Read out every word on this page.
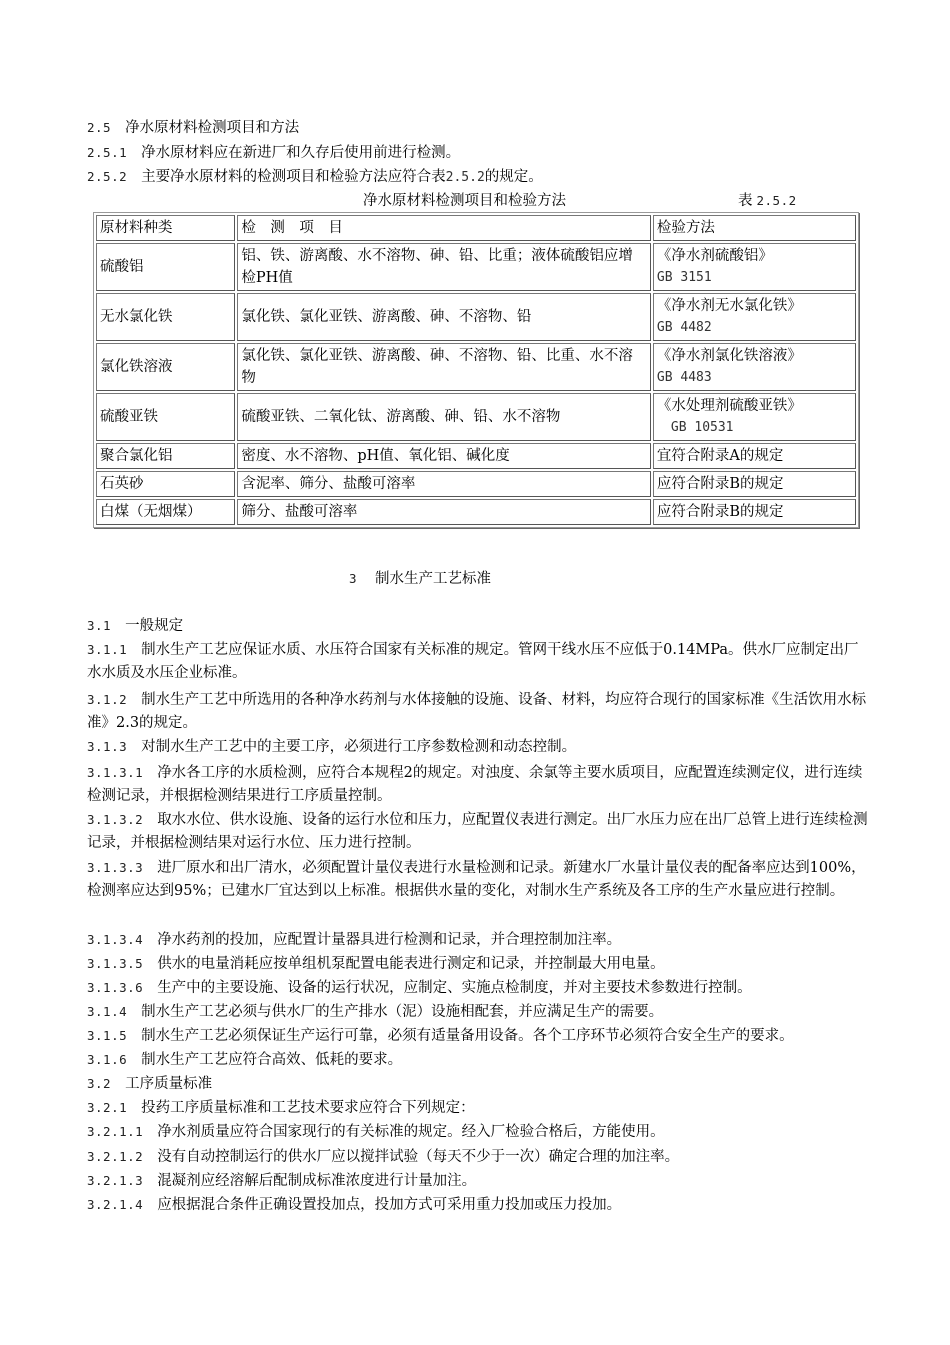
2.5 净水原材料检测项目和方法
2.5.1 净水原材料应在新进厂和久存后使用前进行检测。
2.5.2 主要净水原材料的检测项目和检验方法应符合表2.5.2的规定。
净水原材料检测项目和检验方法	表 2.5.2
原材料种类	检　测　项　目	检验方法
硫酸铝	铝、铁、游离酸、水不溶物、砷、铅、比重；液体硫酸铝应增检PH值	《净水剂硫酸铝》
GB 3151

无水氯化铁	氯化铁、氯化亚铁、游离酸、砷、不溶物、铅	《净水剂无水氯化铁》
GB 4482

氯化铁溶液	氯化铁、氯化亚铁、游离酸、砷、不溶物、铅、比重、水不溶物	《净水剂氯化铁溶液》
GB 4483

硫酸亚铁	硫酸亚铁、二氧化钛、游离酸、砷、铅、水不溶物	《水处理剂硫酸亚铁》
GB 10531

聚合氯化铝	密度、水不溶物、pH值、氧化铝、碱化度	宜符合附录A的规定
石英砂	含泥率、筛分、盐酸可溶率	应符合附录B的规定
白煤（无烟煤）	筛分、盐酸可溶率	应符合附录B的规定
3 制水生产工艺标准
3.1 一般规定
3.1.1 制水生产工艺应保证水质、水压符合国家有关标准的规定。管网干线水压不应低于0.14MPa。供水厂应制定出厂水水质及水压企业标准。
3.1.2 制水生产工艺中所选用的各种净水药剂与水体接触的设施、设备、材料，均应符合现行的国家标准《生活饮用水标准》2.3的规定。
3.1.3 对制水生产工艺中的主要工序，必须进行工序参数检测和动态控制。
3.1.3.1 净水各工序的水质检测，应符合本规程2的规定。对浊度、余氯等主要水质项目，应配置连续测定仪，进行连续检测记录，并根据检测结果进行工序质量控制。
3.1.3.2 取水水位、供水设施、设备的运行水位和压力，应配置仪表进行测定。出厂水压力应在出厂总管上进行连续检测记录，并根据检测结果对运行水位、压力进行控制。
3.1.3.3 进厂原水和出厂清水，必须配置计量仪表进行水量检测和记录。新建水厂水量计量仪表的配备率应达到100%，检测率应达到95%；已建水厂宜达到以上标准。根据供水量的变化，对制水生产系统及各工序的生产水量应进行控制。
3.1.3.4 净水药剂的投加，应配置计量器具进行检测和记录，并合理控制加注率。
3.1.3.5 供水的电量消耗应按单组机泵配置电能表进行测定和记录，并控制最大用电量。
3.1.3.6 生产中的主要设施、设备的运行状况，应制定、实施点检制度，并对主要技术参数进行控制。
3.1.4 制水生产工艺必须与供水厂的生产排水（泥）设施相配套，并应满足生产的需要。
3.1.5 制水生产工艺必须保证生产运行可靠，必须有适量备用设备。各个工序环节必须符合安全生产的要求。
3.1.6 制水生产工艺应符合高效、低耗的要求。
3.2 工序质量标准
3.2.1 投药工序质量标准和工艺技术要求应符合下列规定：
3.2.1.1 净水剂质量应符合国家现行的有关标准的规定。经入厂检验合格后，方能使用。
3.2.1.2 没有自动控制运行的供水厂应以搅拌试验（每天不少于一次）确定合理的加注率。
3.2.1.3 混凝剂应经溶解后配制成标准浓度进行计量加注。
3.2.1.4 应根据混合条件正确设置投加点，投加方式可采用重力投加或压力投加。
